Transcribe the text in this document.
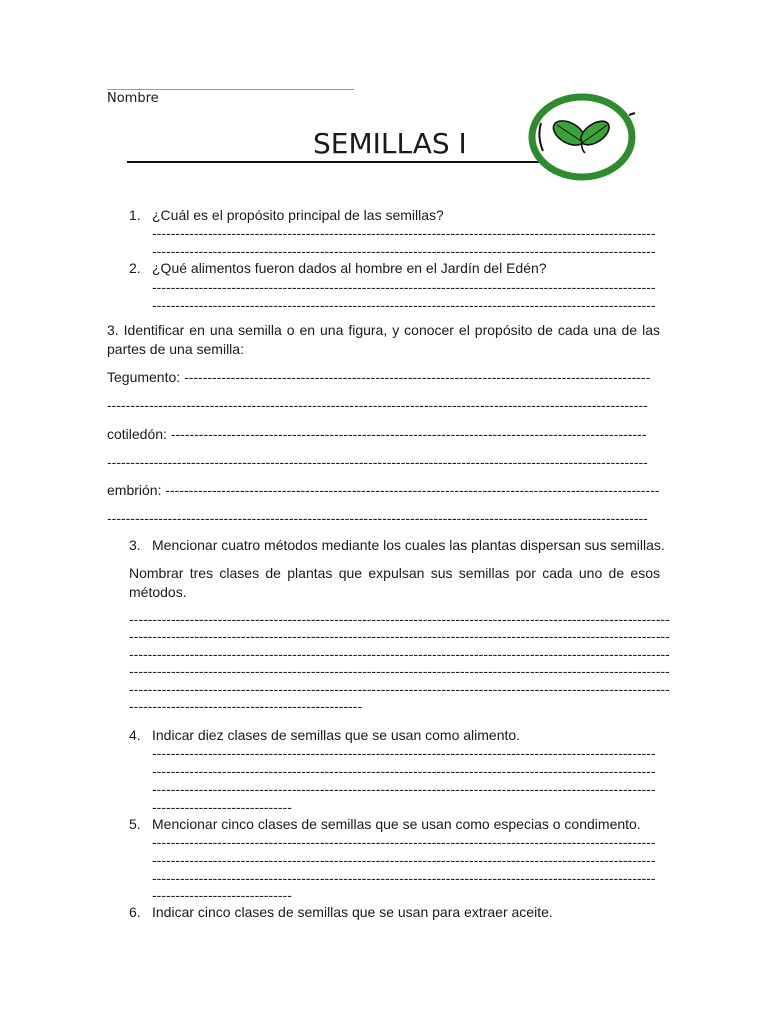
Nombre
SEMILLAS I
1. ¿Cuál es el propósito principal de las semillas?
------------------------------------------------------------------------------------------------------------
------------------------------------------------------------------------------------------------------------
2. ¿Qué alimentos fueron dados al hombre en el Jardín del Edén?
------------------------------------------------------------------------------------------------------------
------------------------------------------------------------------------------------------------------------
3. Identificar en una semilla o en una figura, y conocer el propósito de cada una de las partes de una semilla:
Tegumento: ----------------------------------------------------------------------------------------------------
--------------------------------------------------------------------------------------------------------------------
cotiledón: ------------------------------------------------------------------------------------------------------
--------------------------------------------------------------------------------------------------------------------
embrión: ----------------------------------------------------------------------------------------------------------
--------------------------------------------------------------------------------------------------------------------
3. Mencionar cuatro métodos mediante los cuales las plantas dispersan sus semillas.
Nombrar tres clases de plantas que expulsan sus semillas por cada uno de esos métodos.
--------------------------------------------------------------------------------------------------------------------
--------------------------------------------------------------------------------------------------------------------
--------------------------------------------------------------------------------------------------------------------
--------------------------------------------------------------------------------------------------------------------
--------------------------------------------------------------------------------------------------------------------
--------------------------------------------------
4. Indicar diez clases de semillas que se usan como alimento.
------------------------------------------------------------------------------------------------------------
------------------------------------------------------------------------------------------------------------
------------------------------------------------------------------------------------------------------------
------------------------------
5. Mencionar cinco clases de semillas que se usan como especias o condimento.
------------------------------------------------------------------------------------------------------------
------------------------------------------------------------------------------------------------------------
------------------------------------------------------------------------------------------------------------
------------------------------
6. Indicar cinco clases de semillas que se usan para extraer aceite.
